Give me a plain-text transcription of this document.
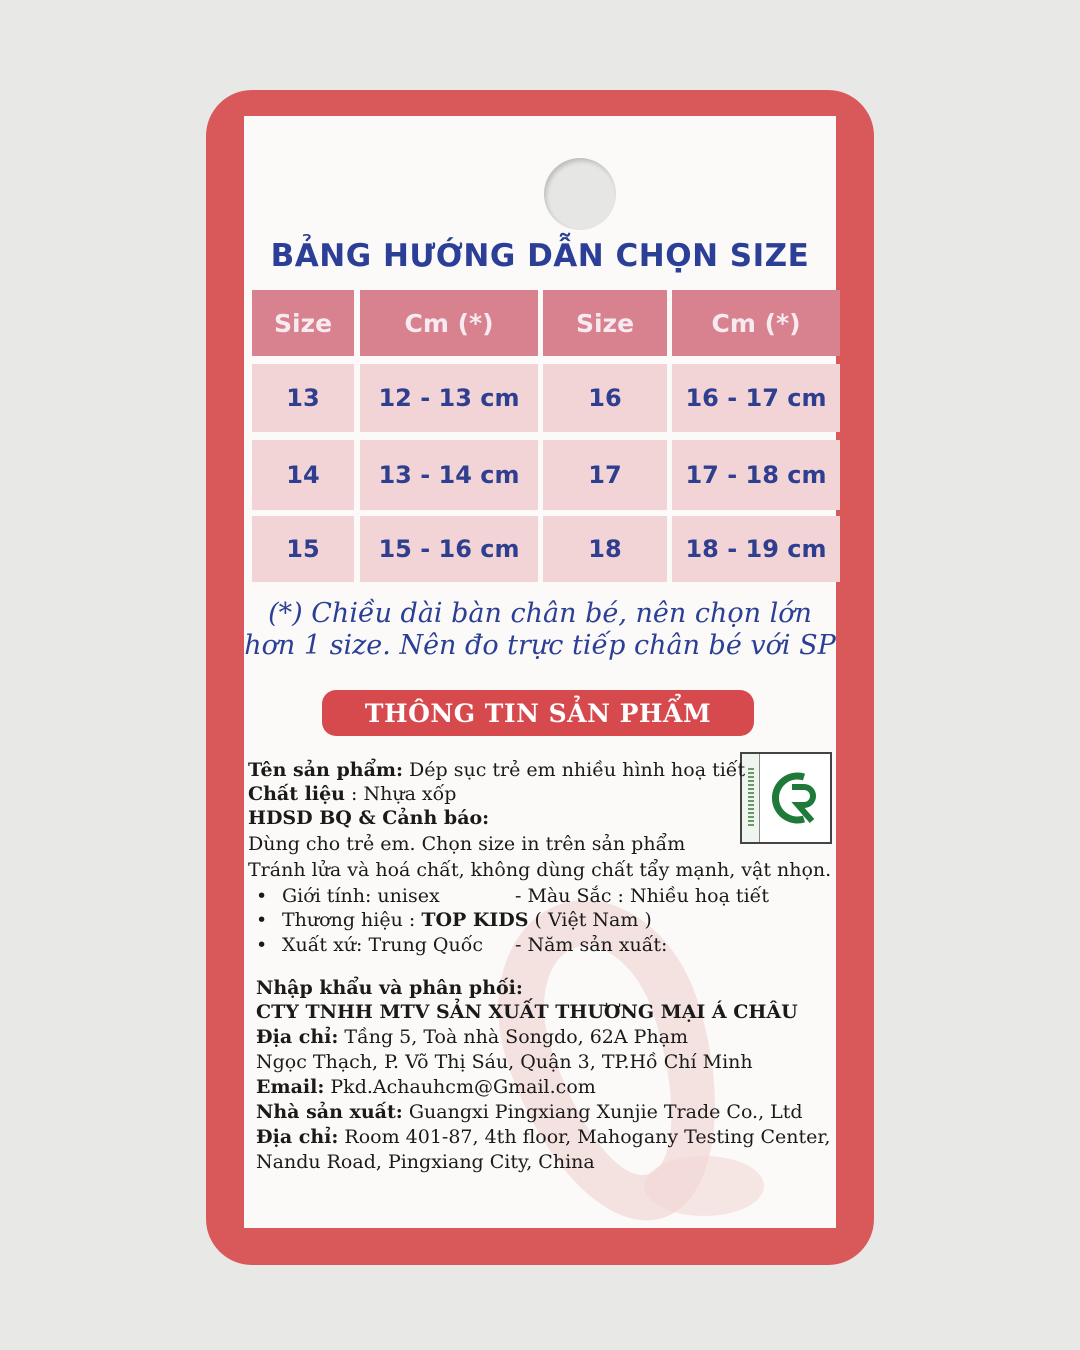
BẢNG HƯỚNG DẪN CHỌN SIZE
Size	Cm (*)	Size	Cm (*)
13	12 - 13 cm	16	16 - 17 cm
14	13 - 14 cm	17	17 - 18 cm
15	15 - 16 cm	18	18 - 19 cm
(*) Chiều dài bàn chân bé, nên chọn lớn
hơn 1 size. Nên đo trực tiếp chân bé với SP
THÔNG TIN SẢN PHẨM
Tên sản phẩm: Dép sục trẻ em nhiều hình hoạ tiết
Chất liệu : Nhựa xốp
HDSD BQ & Cảnh báo:
Dùng cho trẻ em. Chọn size in trên sản phẩm
Tránh lửa và hoá chất, không dùng chất tẩy mạnh, vật nhọn.
• Giới tính: unisex	- Màu Sắc : Nhiều hoạ tiết
• Thương hiệu : TOP KIDS ( Việt Nam )
• Xuất xứ: Trung Quốc - Năm sản xuất:
Nhập khẩu và phân phối:
CTY TNHH MTV SẢN XUẤT THƯƠNG MẠI Á CHÂU
Địa chỉ: Tầng 5, Toà nhà Songdo, 62A Phạm
Ngọc Thạch, P. Võ Thị Sáu, Quận 3, TP.Hồ Chí Minh
Email: Pkd.Achauhcm@Gmail.com
Nhà sản xuất: Guangxi Pingxiang Xunjie Trade Co., Ltd
Địa chỉ: Room 401-87, 4th floor, Mahogany Testing Center,
Nandu Road, Pingxiang City, China
